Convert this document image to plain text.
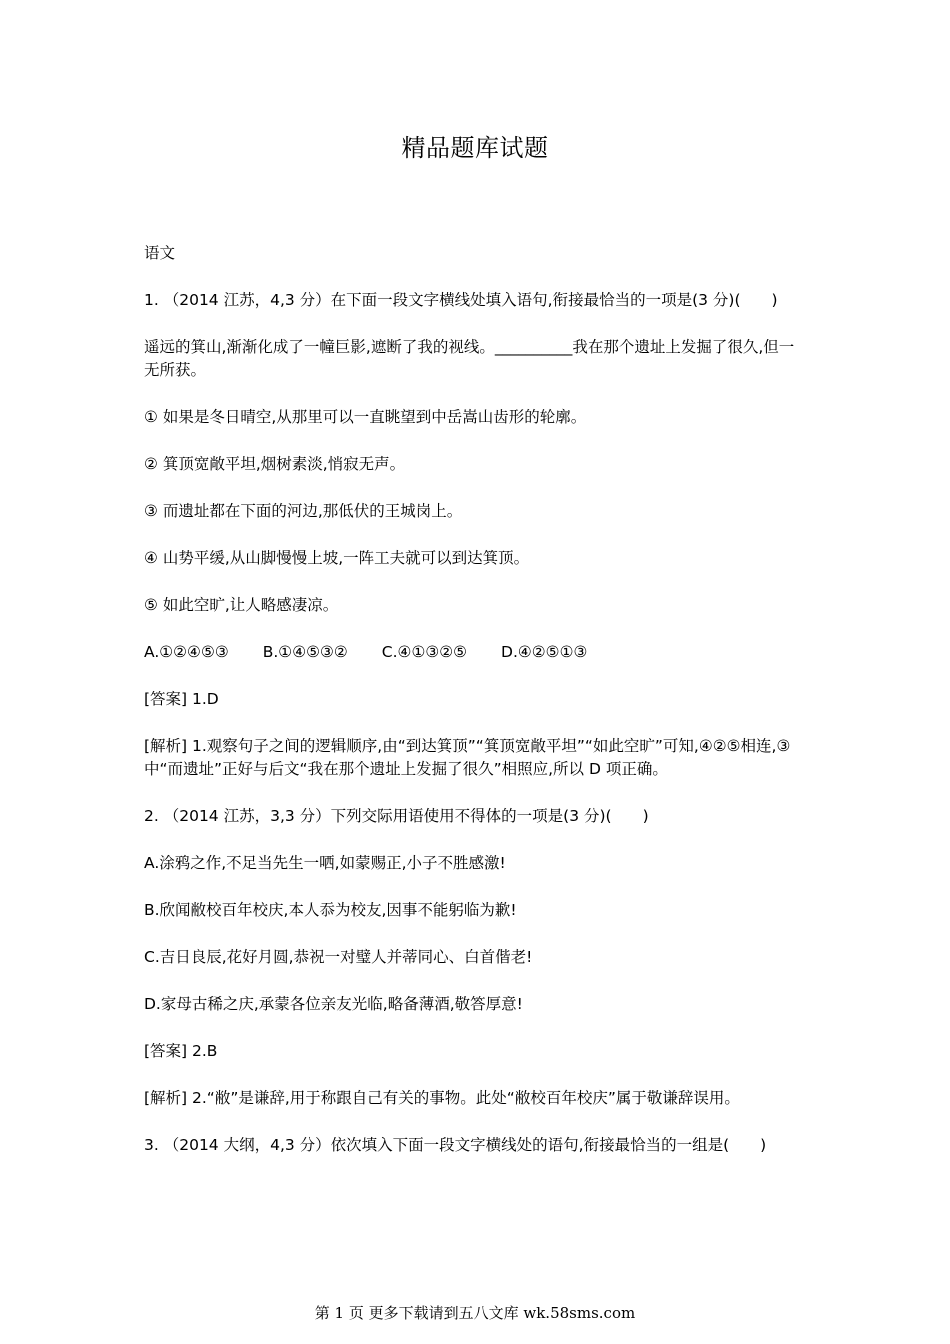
精品题库试题

语文

1. （2014 江苏，4,3 分）在下面一段文字横线处填入语句,衔接最恰当的一项是(3 分)(　　)

遥远的箕山,渐渐化成了一幢巨影,遮断了我的视线。__________我在那个遗址上发掘了很久,但一无所获。

① 如果是冬日晴空,从那里可以一直眺望到中岳嵩山齿形的轮廓。

② 箕顶宽敞平坦,烟树素淡,悄寂无声。

③ 而遗址都在下面的河边,那低伏的王城岗上。

④ 山势平缓,从山脚慢慢上坡,一阵工夫就可以到达箕顶。

⑤ 如此空旷,让人略感凄凉。

A.①②④⑤③ B.①④⑤③② C.④①③②⑤ D.④②⑤①③

[答案] 1.D

[解析] 1.观察句子之间的逻辑顺序,由“到达箕顶”“箕顶宽敞平坦”“如此空旷”可知,④②⑤相连,③ 中“而遗址”正好与后文“我在那个遗址上发掘了很久”相照应,所以 D 项正确。

2. （2014 江苏，3,3 分）下列交际用语使用不得体的一项是(3 分)(　　)

A.涂鸦之作,不足当先生一哂,如蒙赐正,小子不胜感激!

B.欣闻敝校百年校庆,本人忝为校友,因事不能躬临为歉!

C.吉日良辰,花好月圆,恭祝一对璧人并蒂同心、白首偕老!

D.家母古稀之庆,承蒙各位亲友光临,略备薄酒,敬答厚意!

[答案] 2.B

[解析] 2.“敝”是谦辞,用于称跟自己有关的事物。此处“敝校百年校庆”属于敬谦辞误用。

3. （2014 大纲，4,3 分）依次填入下面一段文字横线处的语句,衔接最恰当的一组是(　　)

第 1 页 更多下载请到五八文库 wk.58sms.com
